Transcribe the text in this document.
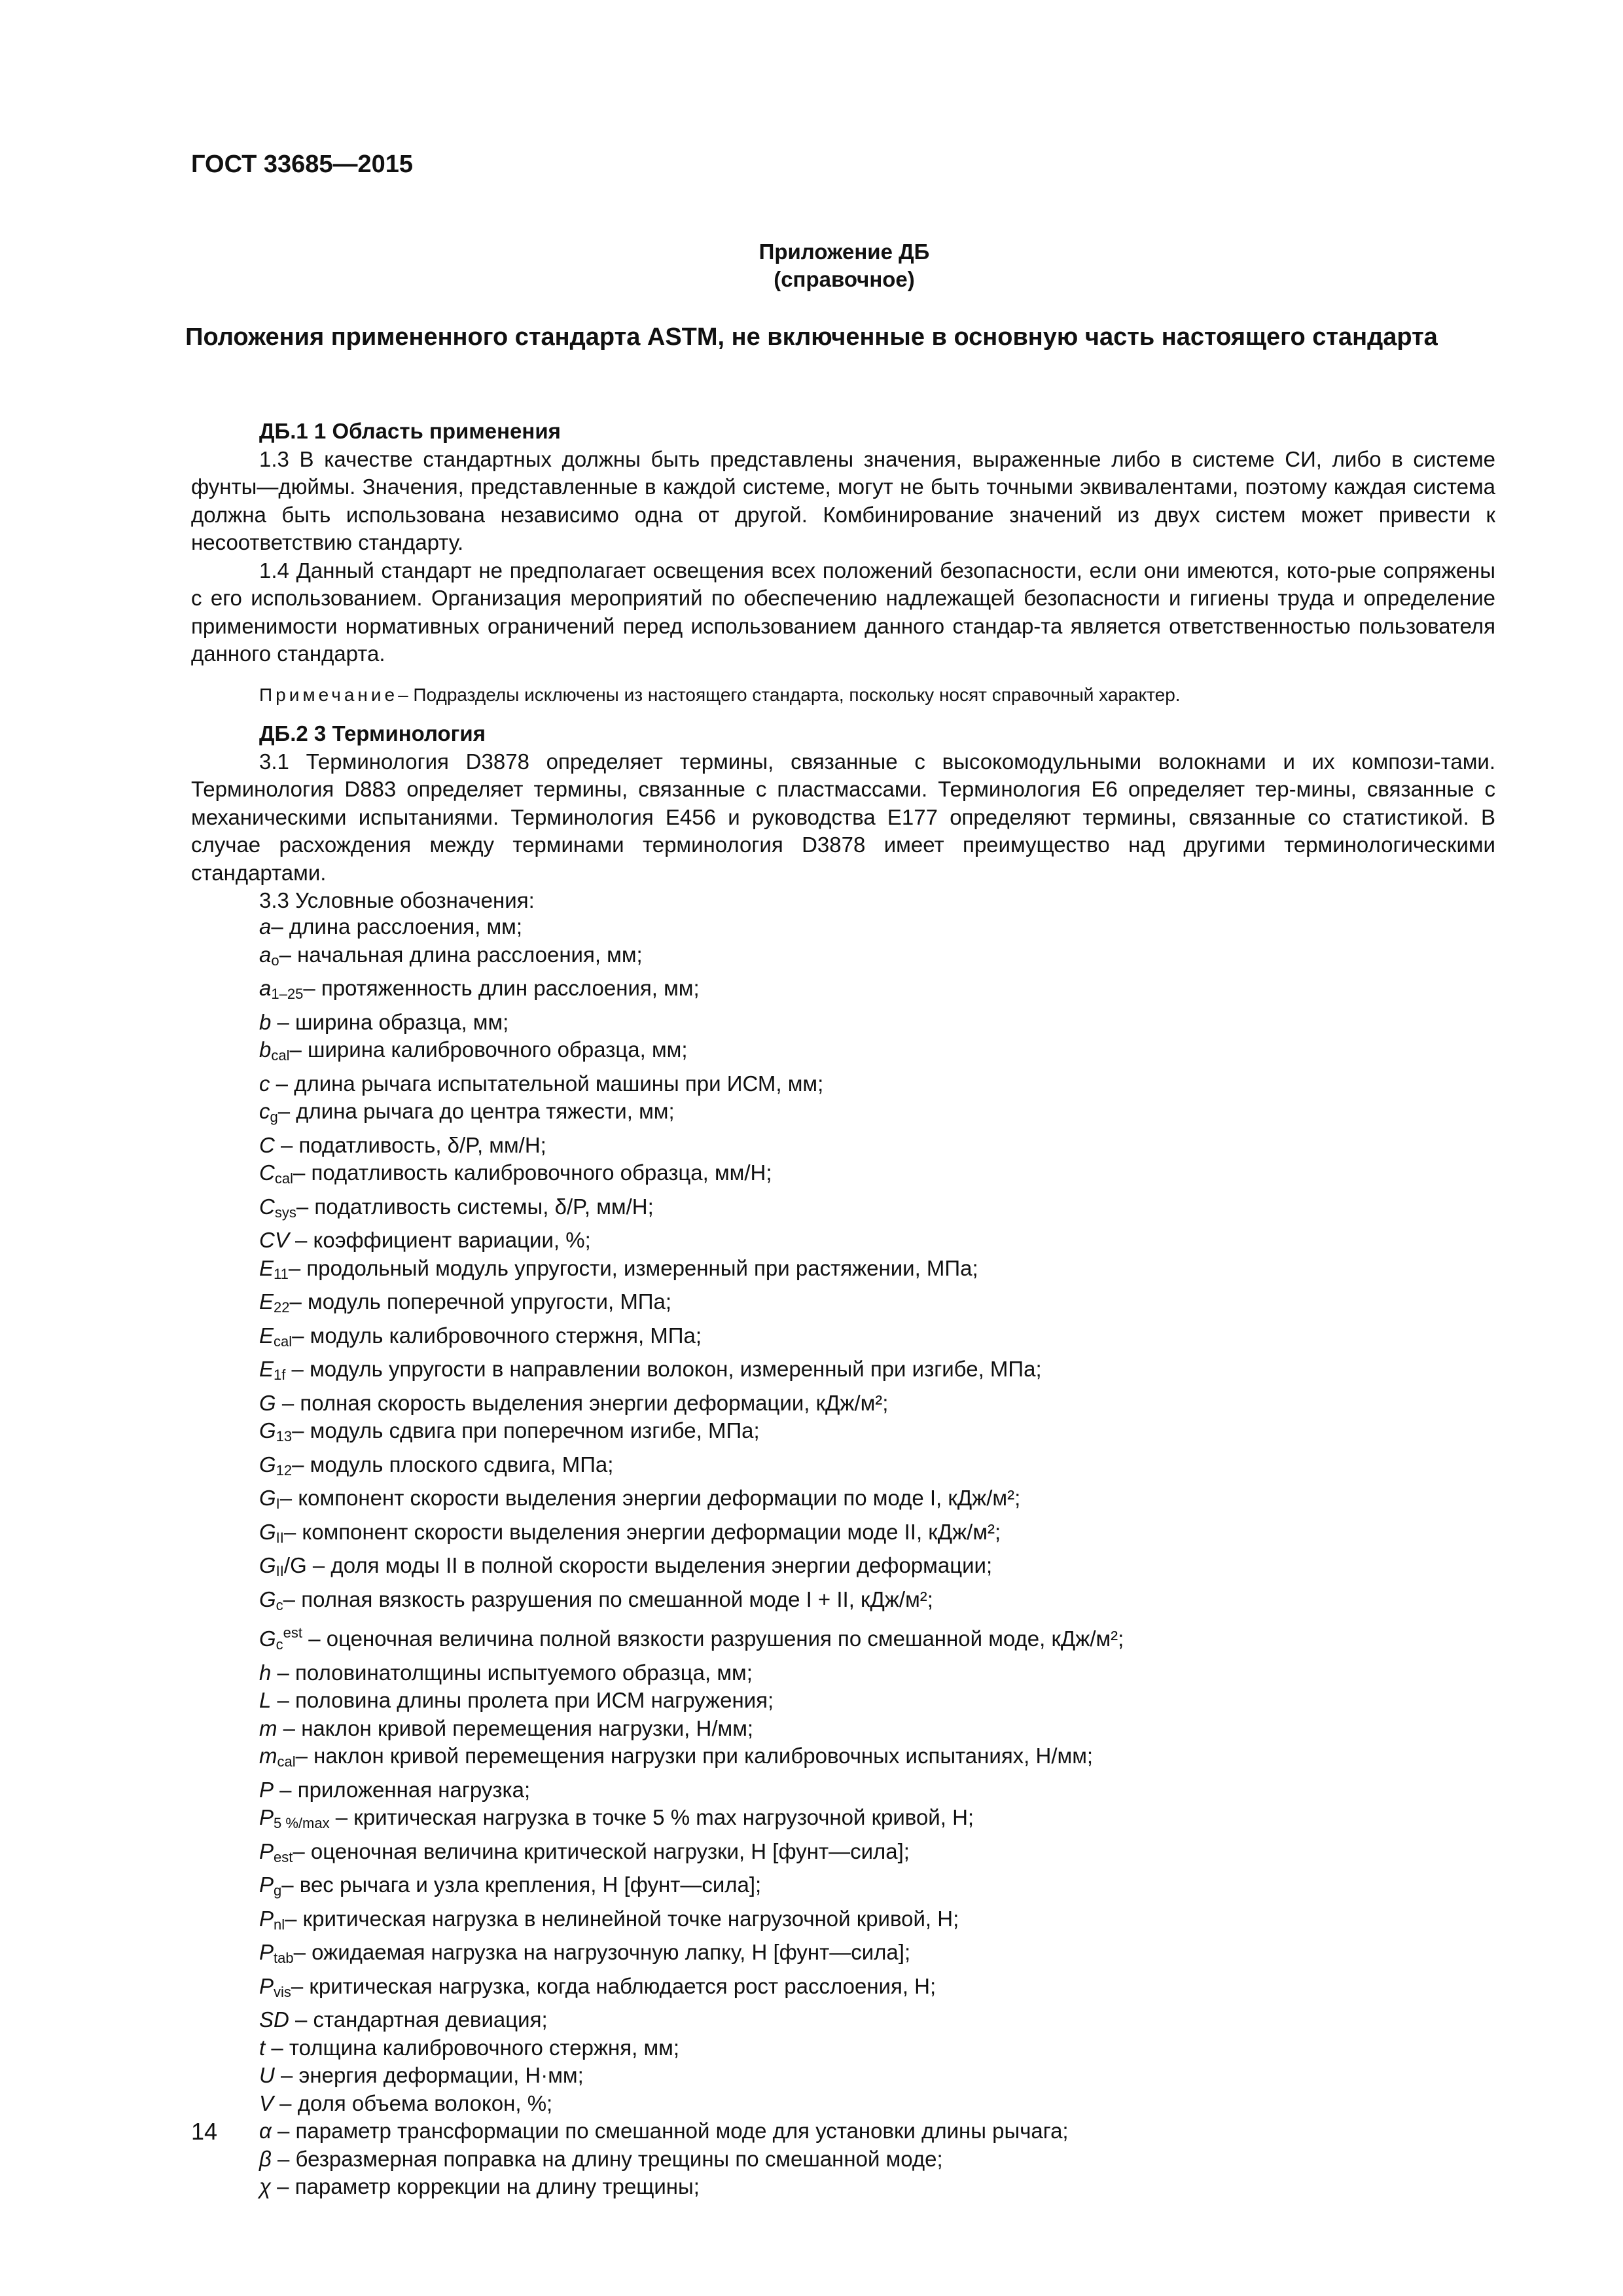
ГОСТ 33685—2015
Приложение ДБ
(справочное)
Положения примененного стандарта ASTM, не включенные в основную часть настоящего стандарта

ДБ.1 1 Область применения

1.3 В качестве стандартных должны быть представлены значения, выраженные либо в системе СИ, либо в системе фунты—дюймы. Значения, представленные в каждой системе, могут не быть точными эквивалентами, поэтому каждая система должна быть использована независимо одна от другой. Комбинирование значений из двух систем может привести к несоответствию стандарту.

1.4 Данный стандарт не предполагает освещения всех положений безопасности, если они имеются, кото-рые сопряжены с его использованием. Организация мероприятий по обеспечению надлежащей безопасности и гигиены труда и определение применимости нормативных ограничений перед использованием данного стандар-та является ответственностью пользователя данного стандарта.

Примечание– Подразделы исключены из настоящего стандарта, поскольку носят справочный характер.

ДБ.2 3 Терминология

3.1 Терминология D3878 определяет термины, связанные с высокомодульными волокнами и их компози-тами. Терминология D883 определяет термины, связанные с пластмассами. Терминология E6 определяет тер-мины, связанные с механическими испытаниями. Терминология E456 и руководства E177 определяют термины, связанные со статистикой. В случае расхождения между терминами терминология D3878 имеет преимущество над другими терминологическими стандартами.

3.3 Условные обозначения:

a– длина расслоения, мм;
$a_o-$ начальная длина расслоения, мм;
$a_{1-25}-$ протяженность длин расслоения, мм;
b – ширина образца, мм;
$b_{cal}-$ ширина калибровочного образца, мм;
c – длина рычага испытательной машины при ИСМ, мм;
$c_g-$ длина рычага до центра тяжести, мм;
C – податливость, δ/P, мм/Н;
$C_{cal}-$ податливость калибровочного образца, мм/Н;
$C_{sys}-$ податливость системы, δ/P, мм/Н;
CV – коэффициент вариации, %;
$E_{11}-$ продольный модуль упругости, измеренный при растяжении, МПа;
$E_{22}-$ модуль поперечной упругости, МПа;
$E_{cal}-$ модуль калибровочного стержня, МПа;
$E_{1f}$ – модуль упругости в направлении волокон, измеренный при изгибе, МПа;
G – полная скорость выделения энергии деформации, кДж/м²;
$G_{13}-$ модуль сдвига при поперечном изгибе, МПа;
$G_{12}-$ модуль плоского сдвига, МПа;
$G_I-$ компонент скорости выделения энергии деформации по моде I, кДж/м²;
$G_{II}-$ компонент скорости выделения энергии деформации моде II, кДж/м²;
$G_{II}/G$ – доля моды II в полной скорости выделения энергии деформации;
$G_c-$ полная вязкость разрушения по смешанной моде I + II, кДж/м²;
$G_c^{est}$ – оценочная величина полной вязкости разрушения по смешанной моде, кДж/м²;
h – половинатолщины испытуемого образца, мм;
L – половина длины пролета при ИСМ нагружения;
m – наклон кривой перемещения нагрузки, Н/мм;
$m_{cal}-$ наклон кривой перемещения нагрузки при калибровочных испытаниях, Н/мм;
P – приложенная нагрузка;
$P_{5 \%/max}$ – критическая нагрузка в точке 5 % max нагрузочной кривой, Н;
$P_{est}-$ оценочная величина критической нагрузки, Н [фунт—сила];
$P_g-$ вес рычага и узла крепления, Н [фунт—сила];
$P_{nl}-$ критическая нагрузка в нелинейной точке нагрузочной кривой, Н;
$P_{tab}-$ ожидаемая нагрузка на нагрузочную лапку, Н [фунт—сила];
$P_{vis}-$ критическая нагрузка, когда наблюдается рост расслоения, Н;
SD – стандартная девиация;
t – толщина калибровочного стержня, мм;
U – энергия деформации, Н·мм;
V – доля объема волокон, %;
α – параметр трансформации по смешанной моде для установки длины рычага;
β – безразмерная поправка на длину трещины по смешанной моде;
χ – параметр коррекции на длину трещины;
14
